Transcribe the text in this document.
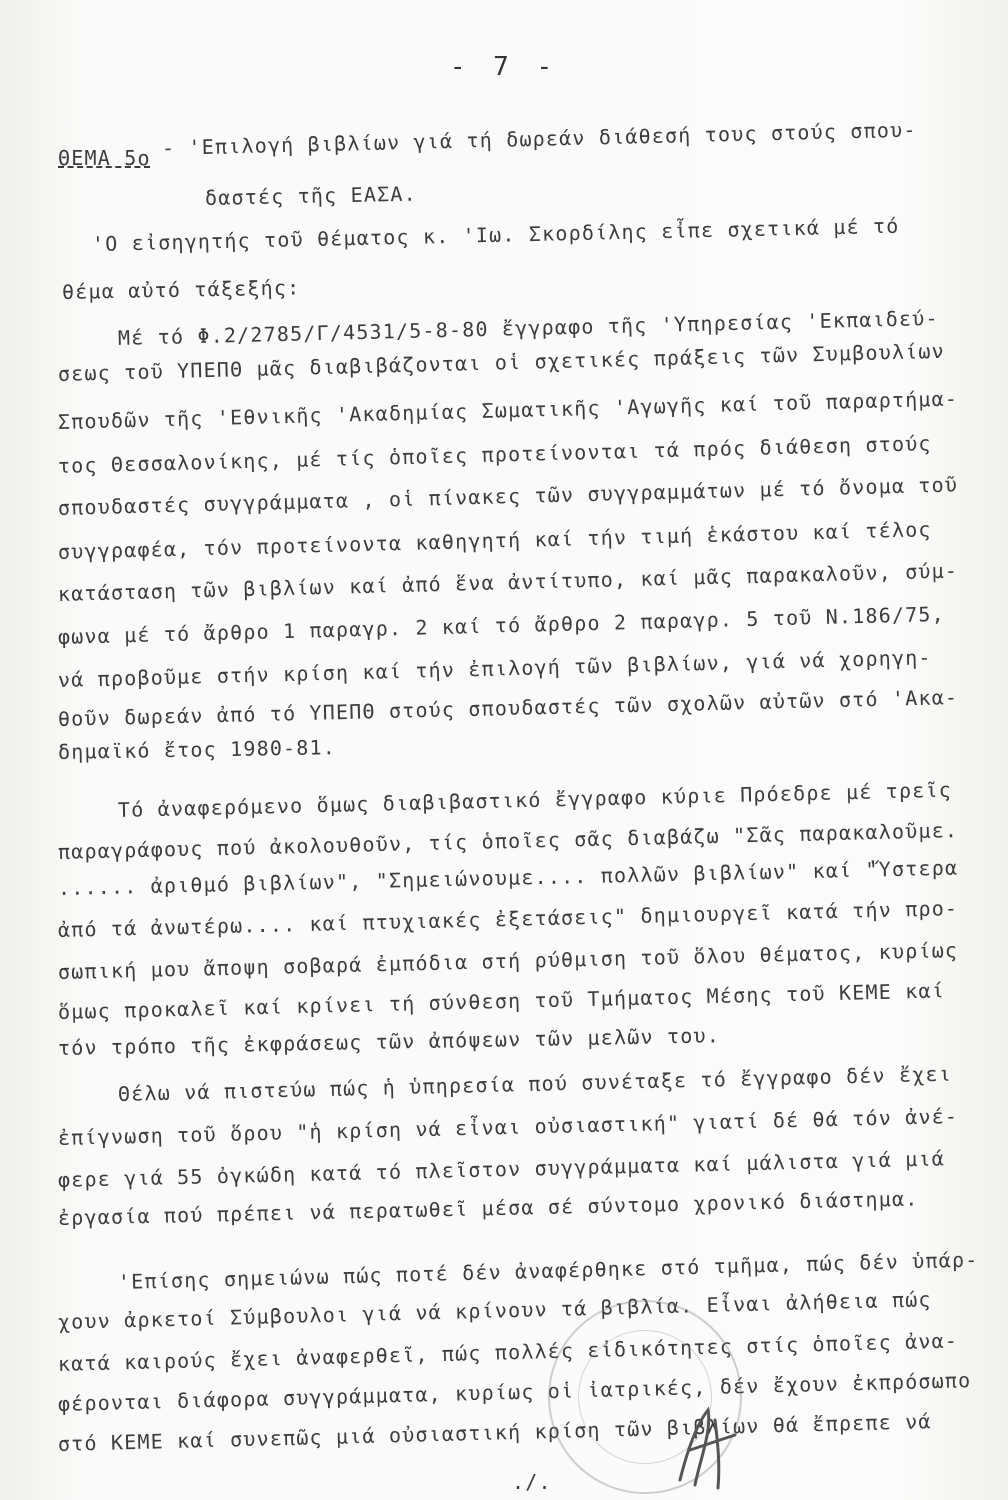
- 7 -
ΘΕΜΑ 5ο - 'Επιλογή βιβλίων γιά τή δωρεάν διάθεσή τους στούς σπου-
δαστές τῆς ΕΑΣΑ.
'Ο εἰσηγητής τοῦ θέματος κ. 'Ιω. Σκορδίλης εἶπε σχετικά μέ τό
θέμα αὐτό τάξεξής:
Μέ τό Φ.2/2785/Γ/4531/5-8-80 ἔγγραφο τῆς 'Υπηρεσίας 'Εκπαιδεύ-
σεως τοῦ ΥΠΕΠΘ μᾶς διαβιβάζονται οἱ σχετικές πράξεις τῶν Συμβουλίων
Σπουδῶν τῆς 'Εθνικῆς 'Ακαδημίας Σωματικῆς 'Αγωγῆς καί τοῦ παραρτήμα-
τος Θεσσαλονίκης, μέ τίς ὁποῖες προτείνονται τά πρός διάθεση στούς
σπουδαστές συγγράμματα , οἱ πίνακες τῶν συγγραμμάτων μέ τό ὄνομα τοῦ
συγγραφέα, τόν προτείνοντα καθηγητή καί τήν τιμή ἑκάστου καί τέλος
κατάσταση τῶν βιβλίων καί ἀπό ἕνα ἀντίτυπο, καί μᾶς παρακαλοῦν, σύμ-
φωνα μέ τό ἄρθρο 1 παραγρ. 2 καί τό ἄρθρο 2 παραγρ. 5 τοῦ Ν.186/75,
νά προβοῦμε στήν κρίση καί τήν ἐπιλογή τῶν βιβλίων, γιά νά χορηγη-
θοῦν δωρεάν ἀπό τό ΥΠΕΠΘ στούς σπουδαστές τῶν σχολῶν αὐτῶν στό 'Ακα-
δημαϊκό ἔτος 1980-81.
Τό ἀναφερόμενο ὅμως διαβιβαστικό ἔγγραφο κύριε Πρόεδρε μέ τρεῖς
παραγράφους πού ἀκολουθοῦν, τίς ὁποῖες σᾶς διαβάζω "Σᾶς παρακαλοῦμε.
...... ἀριθμό βιβλίων", "Σημειώνουμε.... πολλῶν βιβλίων" καί "Ὕστερα
ἀπό τά ἀνωτέρω.... καί πτυχιακές ἐξετάσεις" δημιουργεῖ κατά τήν προ-
σωπική μου ἄποψη σοβαρά ἐμπόδια στή ρύθμιση τοῦ ὅλου θέματος, κυρίως
ὅμως προκαλεῖ καί κρίνει τή σύνθεση τοῦ Τμήματος Μέσης τοῦ ΚΕΜΕ καί
τόν τρόπο τῆς ἐκφράσεως τῶν ἀπόψεων τῶν μελῶν του.
Θέλω νά πιστεύω πώς ἡ ὑπηρεσία πού συνέταξε τό ἔγγραφο δέν ἔχει
ἐπίγνωση τοῦ ὅρου "ἡ κρίση νά εἶναι οὐσιαστική" γιατί δέ θά τόν ἀνέ-
φερε γιά 55 ὀγκώδη κατά τό πλεῖστον συγγράμματα καί μάλιστα γιά μιά
ἐργασία πού πρέπει νά περατωθεῖ μέσα σέ σύντομο χρονικό διάστημα.
'Επίσης σημειώνω πώς ποτέ δέν ἀναφέρθηκε στό τμῆμα, πώς δέν ὑπάρ-
χουν ἀρκετοί Σύμβουλοι γιά νά κρίνουν τά βιβλία. Εἶναι ἀλήθεια πώς
κατά καιρούς ἔχει ἀναφερθεῖ, πώς πολλές εἰδικότητες στίς ὁποῖες ἀνα-
φέρονται διάφορα συγγράμματα, κυρίως οἱ ἰατρικές, δέν ἔχουν ἐκπρόσωπο
στό ΚΕΜΕ καί συνεπῶς μιά οὐσιαστική κρίση τῶν βιβλίων θά ἔπρεπε νά
./.
